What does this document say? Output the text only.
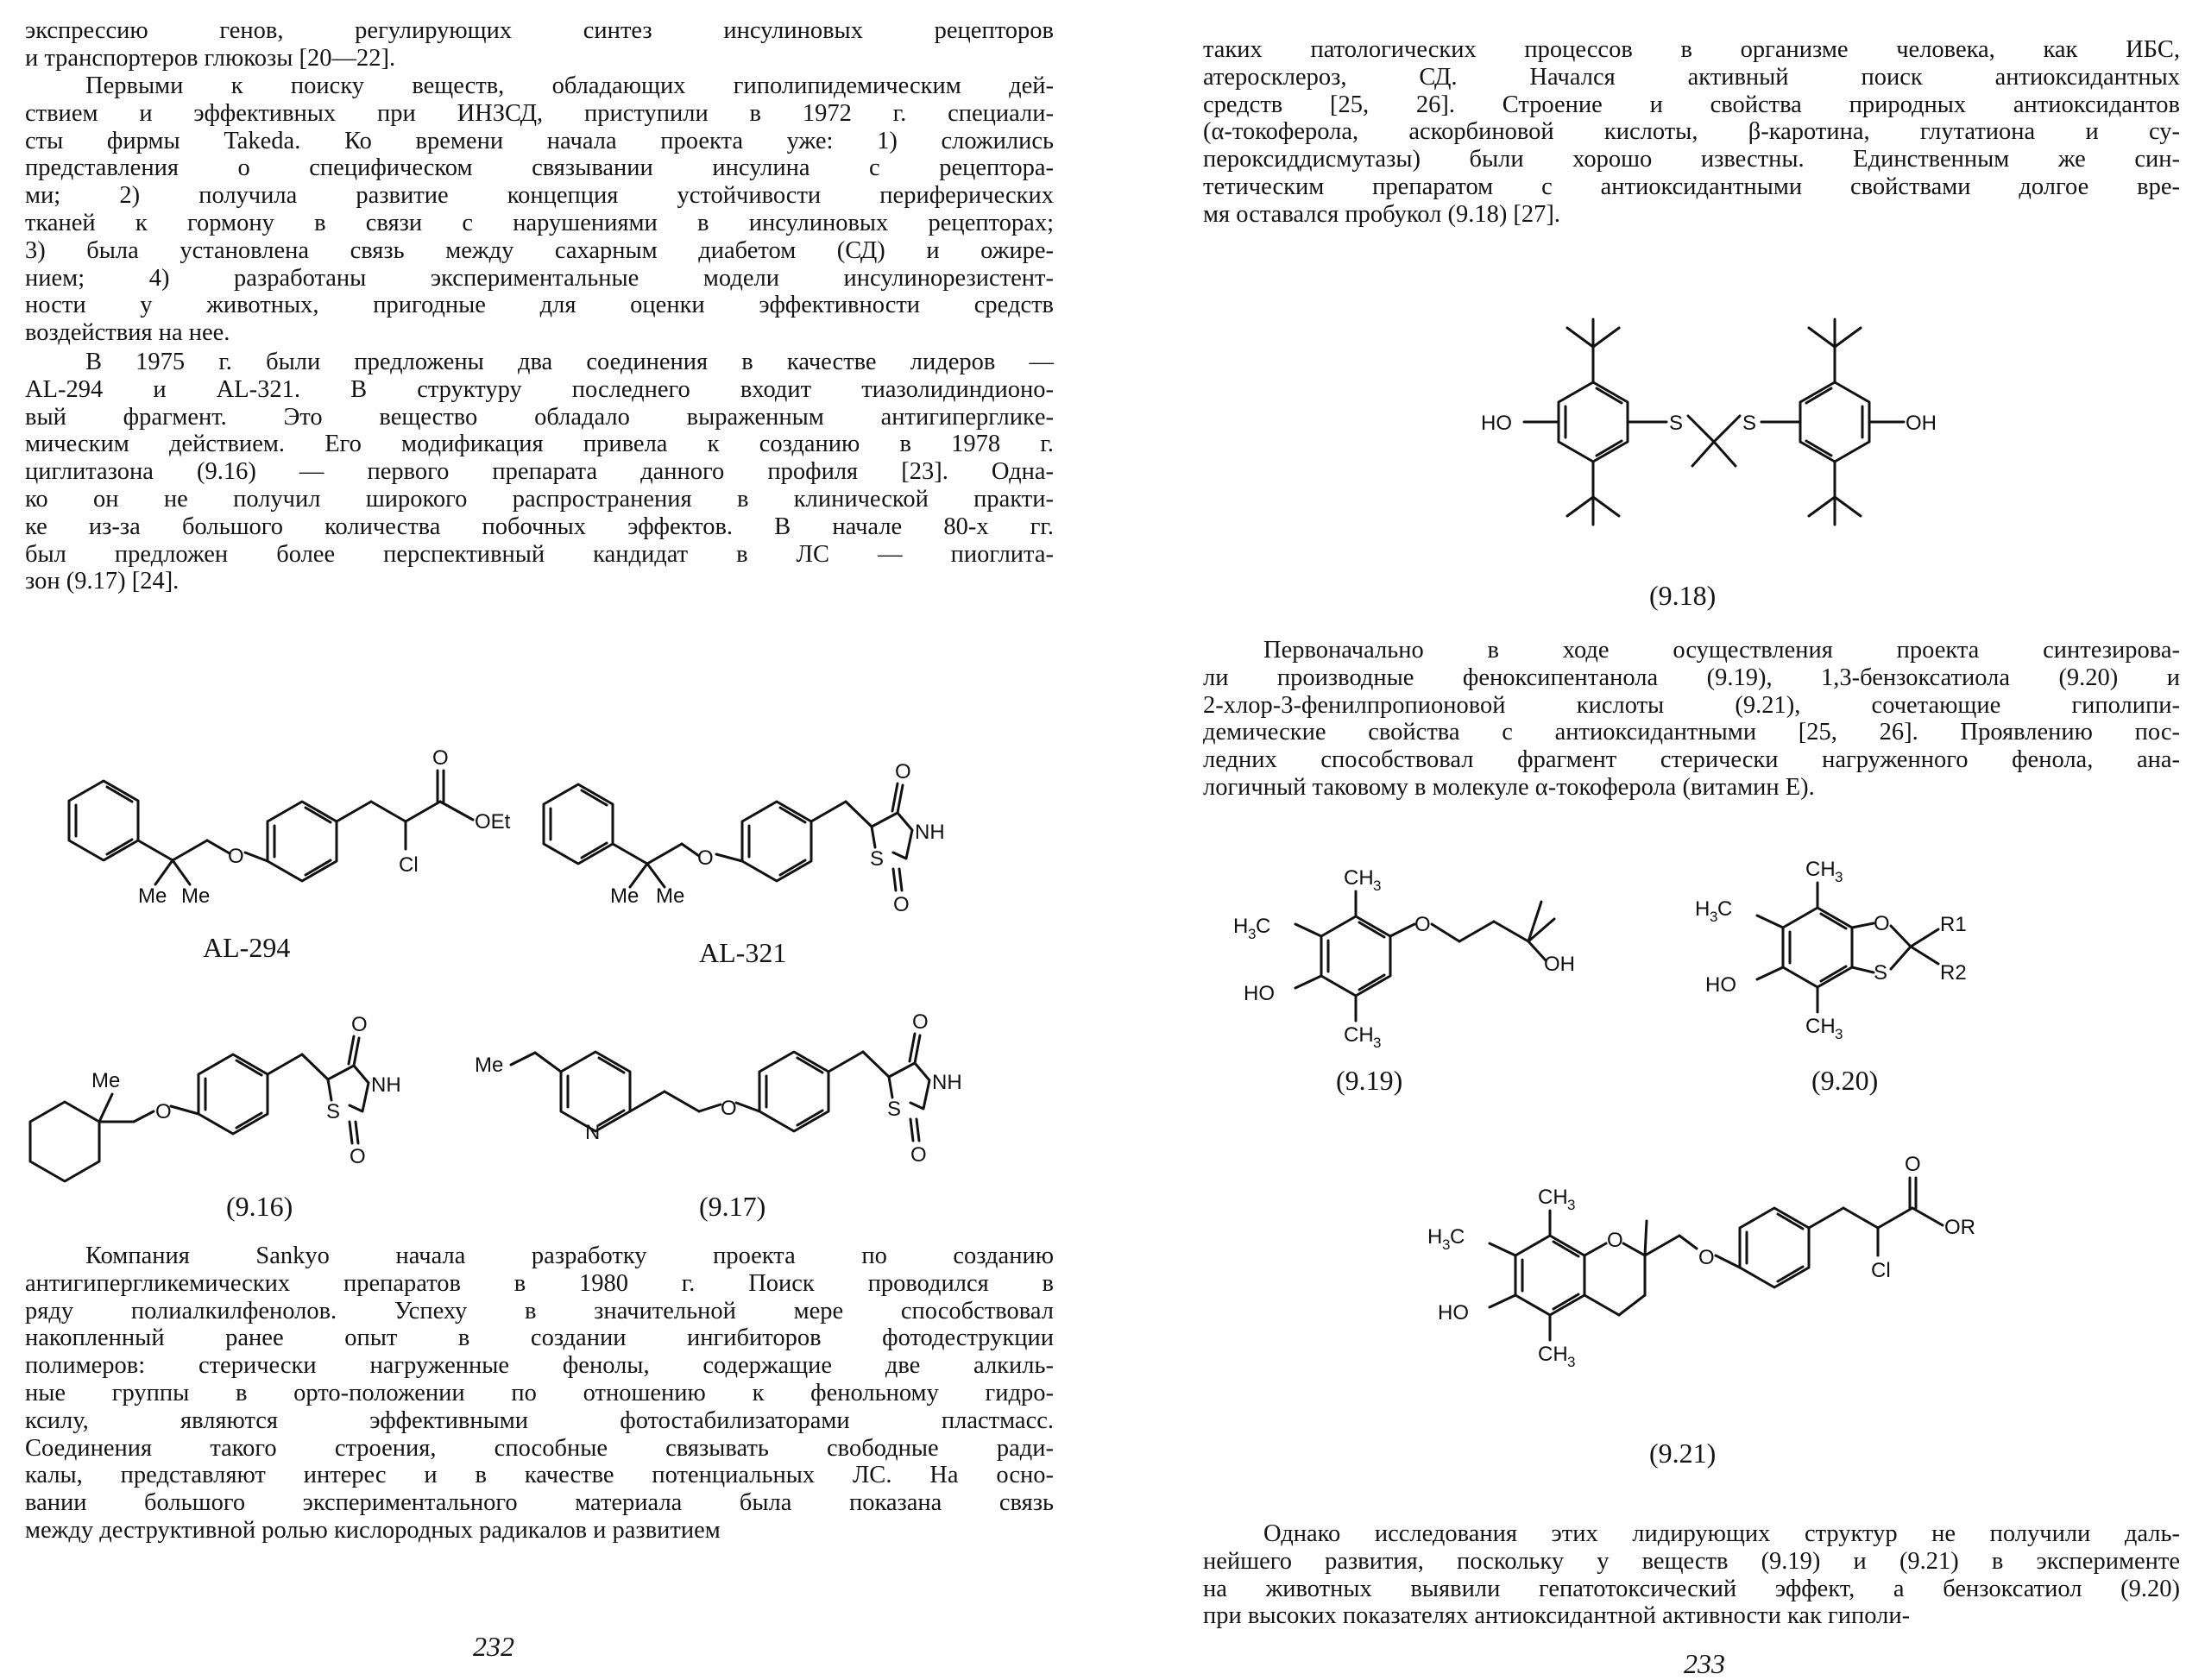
экспрессию генов, регулирующих синтез инсулиновых рецепторов
и транспортеров глюкозы [20—22].

Первыми к поиску веществ, обладающих гиполипидемическим дей-
ствием и эффективных при ИНЗСД, приступили в 1972 г. специали-
сты фирмы Takeda. Ко времени начала проекта уже: 1) сложились
представления о специфическом связывании инсулина с рецептора-
ми; 2) получила развитие концепция устойчивости периферических
тканей к гормону в связи с нарушениями в инсулиновых рецепторах;
3) была установлена связь между сахарным диабетом (СД) и ожире-
нием; 4) разработаны экспериментальные модели инсулинорезистент-
ности у животных, пригодные для оценки эффективности средств
воздействия на нее.

В 1975 г. были предложены два соединения в качестве лидеров —
AL-294 и AL-321. В структуру последнего входит тиазолидиндионо-
вый фрагмент. Это вещество обладало выраженным антигипергликe-
мическим действием. Его модификация привела к созданию в 1978 г.
циглитазона (9.16) — первого препарата данного профиля [23]. Одна-
ко он не получил широкого распространения в клинической практи-
ке из-за большого количества побочных эффектов. В начале 80-х гг.
был предложен более перспективный кандидат в ЛС — пиоглита-
зон (9.17) [24].

Компания Sankyo начала разработку проекта по созданию
антигипергликемических препаратов в 1980 г. Поиск проводился в
ряду полиалкилфенолов. Успеху в значительной мере способствовал
накопленный ранее опыт в создании ингибиторов фотодеструкции
полимеров: стерически нагруженные фенолы, содержащие две алкиль-
ные группы в орто-положении по отношению к фенольному гидро-
ксилу, являются эффективными фотостабилизаторами пластмасс.
Соединения такого строения, способные связывать свободные ради-
калы, представляют интерес и в качестве потенциальных ЛС. На осно-
вании большого экспериментального материала была показана связь
между деструктивной ролью кислородных радикалов и развитием

Me Me
O	Cl
O
OEt
AL-294
Me Me
O	S
NH
O
O
AL-321
Me
O	S
NH
O
O
(9.16)
Me
N
O	S
NH
O
O
(9.17)
232

таких патологических процессов в организме человека, как ИБС,
атеросклероз, СД. Начался активный поиск антиоксидантных
средств [25, 26]. Строение и свойства природных антиоксидантов
(α-токоферола, аскорбиновой кислоты, β-каротина, глутатиона и су-
пероксиддисмутазы) были хорошо известны. Единственным же син-
тетическим препаратом с антиоксидантными свойствами долгое вре-
мя оставался пробукол (9.18) [27].

Первоначально в ходе осуществления проекта синтезирова-
ли производные феноксипентанола (9.19), 1,3-бензоксатиола (9.20) и
2-хлор-3-фенилпропионовой кислоты (9.21), сочетающие гиполипи-
демические свойства с антиоксидантными [25, 26]. Проявлению пос-
ледних способствовал фрагмент стерически нагруженного фенола, ана-
логичный таковому в молекуле α-токоферола (витамин E).

Однако исследования этих лидирующих структур не получили даль-
нейшего развития, поскольку у веществ (9.19) и (9.21) в эксперименте
на животных выявили гепатотоксический эффект, а бензоксатиол (9.20)
при высоких показателях антиоксидантной активности как гиполи-

HO	S	S	OH
(9.18)
CH 3
H 3 C
HO
CH 3
O
OH
(9.19)
CH 3
H 3 C
HO
CH 3
O
S
R1
R2
(9.20)
CH 3
H 3 C
HO
CH 3
O
O
Cl
O
OR
(9.21)
233
